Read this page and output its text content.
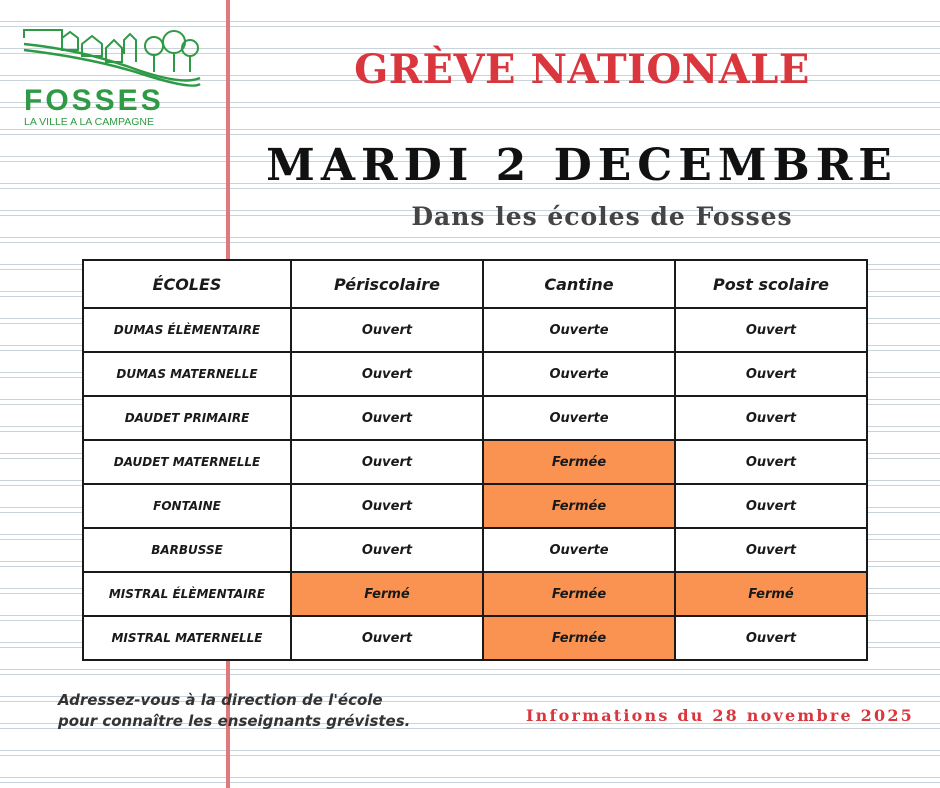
FOSSES
LA VILLE A LA CAMPAGNE
GRÈVE NATIONALE
MARDI 2 DECEMBRE
Dans les écoles de Fosses
ÉCOLES	Périscolaire	Cantine	Post scolaire
DUMAS ÉLÈMENTAIRE	Ouvert	Ouverte	Ouvert
DUMAS MATERNELLE	Ouvert	Ouverte	Ouvert
DAUDET PRIMAIRE	Ouvert	Ouverte	Ouvert
DAUDET MATERNELLE	Ouvert	Fermée	Ouvert
FONTAINE	Ouvert	Fermée	Ouvert
BARBUSSE	Ouvert	Ouverte	Ouvert
MISTRAL ÉLÈMENTAIRE	Fermé	Fermée	Fermé
MISTRAL MATERNELLE	Ouvert	Fermée	Ouvert
Adressez-vous à la direction de l'école
pour connaître les enseignants grévistes.	Informations du 28 novembre 2025
